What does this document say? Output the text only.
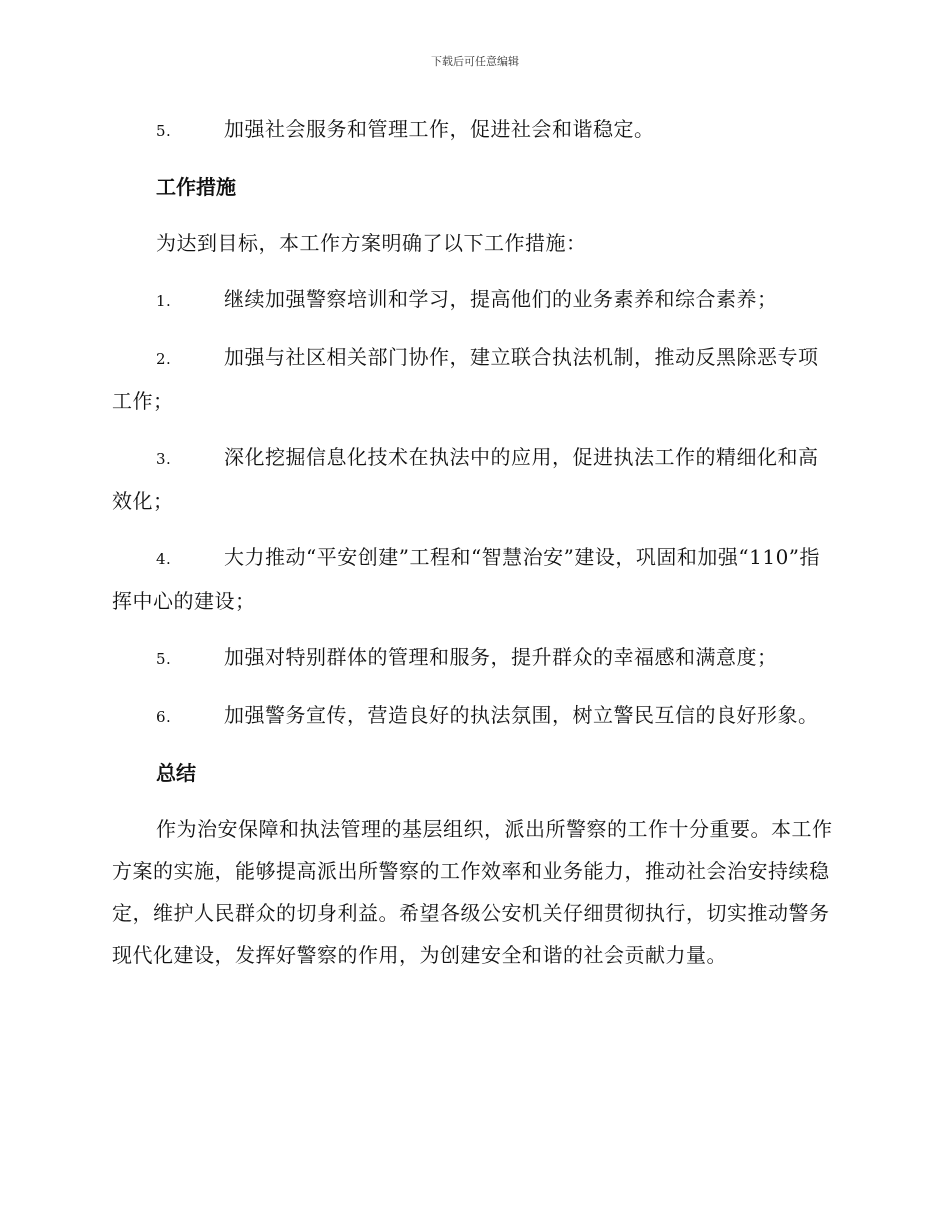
下载后可任意编辑

5.	加强社会服务和管理工作，促进社会和谐稳定。

工作措施

为达到目标，本工作方案明确了以下工作措施：

1.	继续加强警察培训和学习，提高他们的业务素养和综合素养；

2.	加强与社区相关部门协作，建立联合执法机制，推动反黑除恶专项工作；

3.	深化挖掘信息化技术在执法中的应用，促进执法工作的精细化和高效化；

4.	大力推动“平安创建”工程和“智慧治安”建设，巩固和加强“110”指挥中心的建设；

5.	加强对特别群体的管理和服务，提升群众的幸福感和满意度；

6.	加强警务宣传，营造良好的执法氛围，树立警民互信的良好形象。

总结

作为治安保障和执法管理的基层组织，派出所警察的工作十分重要。本工作方案的实施，能够提高派出所警察的工作效率和业务能力，推动社会治安持续稳定，维护人民群众的切身利益。希望各级公安机关仔细贯彻执行，切实推动警务现代化建设，发挥好警察的作用，为创建安全和谐的社会贡献力量。
